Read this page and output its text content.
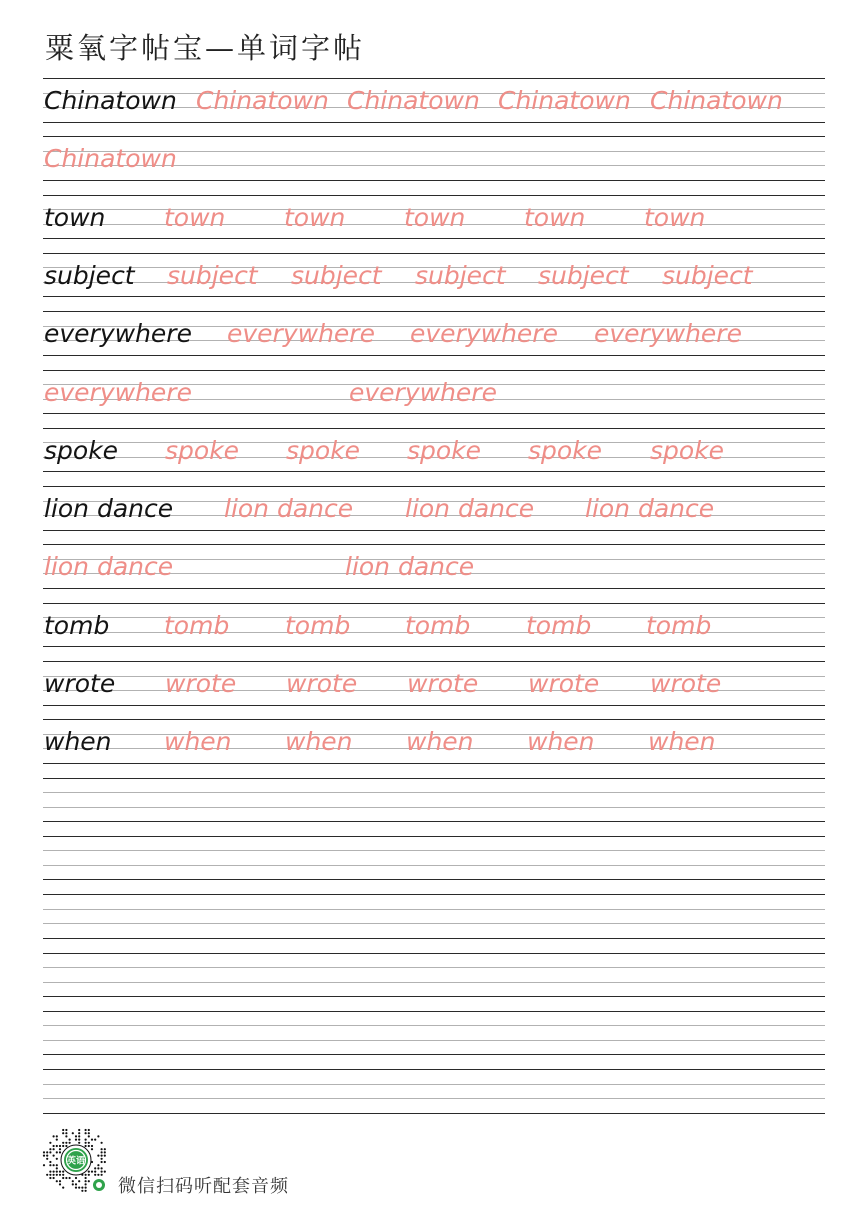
粟氧字帖宝—单词字帖
Chinatown Chinatown Chinatown Chinatown Chinatown
Chinatown
town town town town town town
subject subject subject subject subject subject
everywhere everywhere everywhere everywhere
everywhere	everywhere
spoke spoke spoke spoke spoke spoke
lion dance lion dance lion dance lion dance
lion dance	lion dance
tomb tomb tomb tomb tomb tomb
wrote wrote wrote wrote wrote wrote
when when when when when when
英语
微信扫码听配套音频
